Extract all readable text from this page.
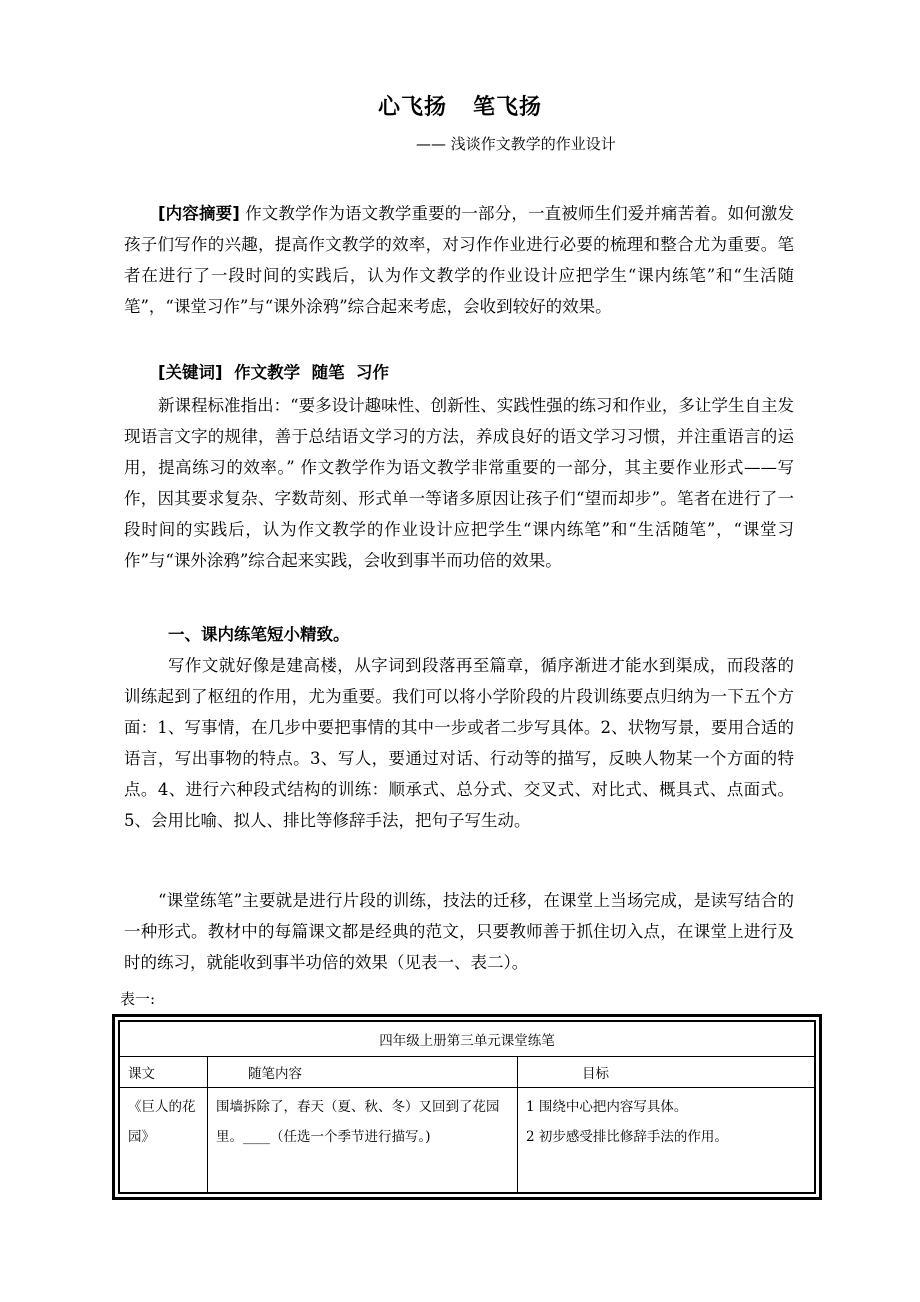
心飞扬 笔飞扬
—— 浅谈作文教学的作业设计

[内容摘要] 作文教学作为语文教学重要的一部分，一直被师生们爱并痛苦着。如何激发孩子们写作的兴趣，提高作文教学的效率，对习作作业进行必要的梳理和整合尤为重要。笔者在进行了一段时间的实践后，认为作文教学的作业设计应把学生“课内练笔”和“生活随笔”，“课堂习作”与“课外涂鸦”综合起来考虑，会收到较好的效果。

[关键词]  作文教学  随笔  习作

新课程标准指出：“要多设计趣味性、创新性、实践性强的练习和作业，多让学生自主发现语言文字的规律，善于总结语文学习的方法，养成良好的语文学习习惯，并注重语言的运用，提高练习的效率。” 作文教学作为语文教学非常重要的一部分，其主要作业形式——写作，因其要求复杂、字数苛刻、形式单一等诸多原因让孩子们“望而却步”。笔者在进行了一段时间的实践后，认为作文教学的作业设计应把学生“课内练笔”和“生活随笔”，“课堂习作”与“课外涂鸦”综合起来实践，会收到事半而功倍的效果。

一、课内练笔短小精致。

写作文就好像是建高楼，从字词到段落再至篇章，循序渐进才能水到渠成，而段落的训练起到了枢纽的作用，尤为重要。我们可以将小学阶段的片段训练要点归纳为一下五个方面：1、写事情，在几步中要把事情的其中一步或者二步写具体。2、状物写景，要用合适的语言，写出事物的特点。3、写人，要通过对话、行动等的描写，反映人物某一个方面的特点。4、进行六种段式结构的训练：顺承式、总分式、交叉式、对比式、概具式、点面式。5、会用比喻、拟人、排比等修辞手法，把句子写生动。

“课堂练笔”主要就是进行片段的训练，技法的迁移，在课堂上当场完成，是读写结合的一种形式。教材中的每篇课文都是经典的范文，只要教师善于抓住切入点，在课堂上进行及时的练习，就能收到事半功倍的效果（见表一、表二）。

表一:
四年级上册第三单元课堂练笔		
课文	随笔内容	目标
《巨人的花园》	围墙拆除了，春天（夏、秋、冬）又回到了花园里。____（任选一个季节进行描写。)	1 围绕中心把内容写具体。
2 初步感受排比修辞手法的作用。
